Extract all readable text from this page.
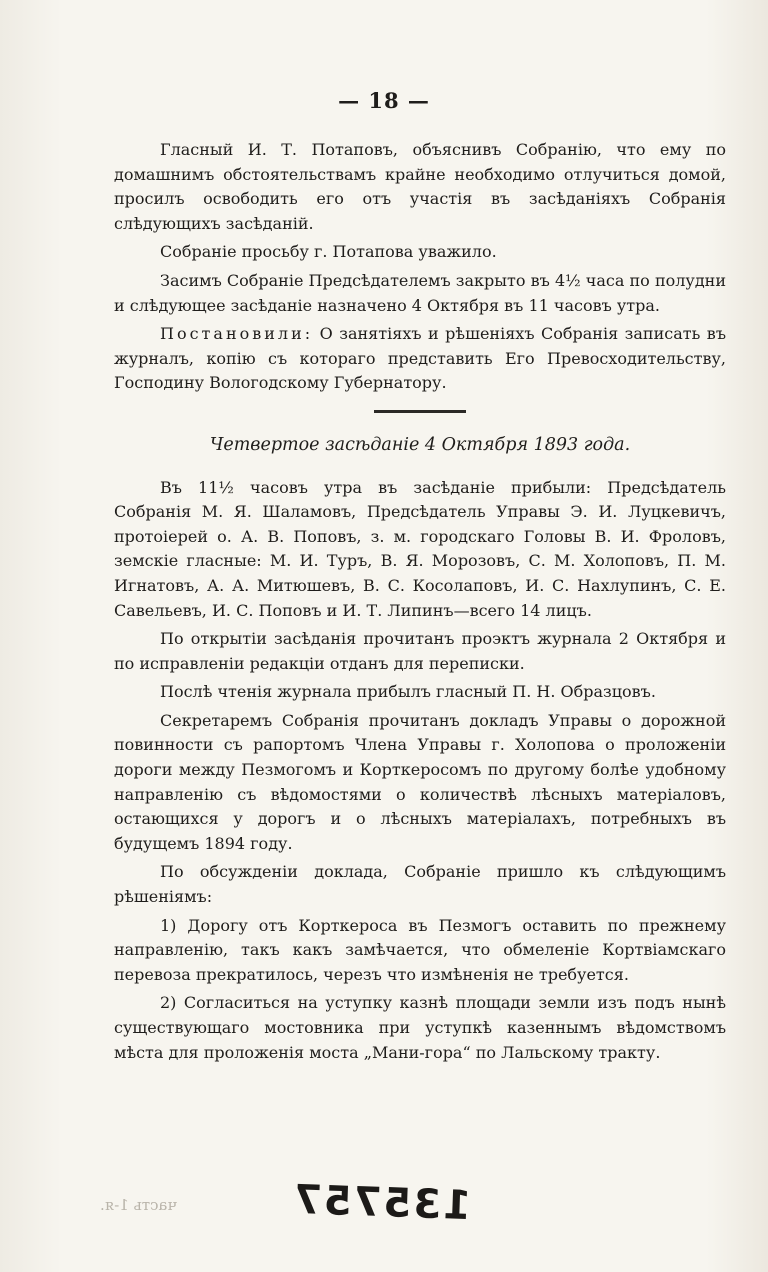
— 18 —

Гласный И. Т. Потаповъ, объяснивъ Собранію, что ему по домашнимъ обстоятельствамъ крайне необходимо отлучиться домой, просилъ освободить его отъ участія въ засѣданіяхъ Собранія слѣдующихъ засѣданій.

Собраніе просьбу г. Потапова уважило.

Засимъ Собраніе Предсѣдателемъ закрыто въ 4½ часа по полудни и слѣдующее засѣданіе назначено 4 Октября въ 11 часовъ утра.

Постановили: О занятіяхъ и рѣшеніяхъ Собранія записать въ журналъ, копію съ котораго представить Его Превосходительству, Господину Вологодскому Губернатору.

Четвертое засѣданіе 4 Октября 1893 года.

Въ 11½ часовъ утра въ засѣданіе прибыли: Предсѣдатель Собранія М. Я. Шаламовъ, Предсѣдатель Управы Э. И. Луцкевичъ, протоіерей о. А. В. Поповъ, з. м. городскаго Головы В. И. Фроловъ, земскіе гласные: М. И. Туръ, В. Я. Морозовъ, С. М. Холоповъ, П. М. Игнатовъ, А. А. Митюшевъ, В. С. Косолаповъ, И. С. Нахлупинъ, С. Е. Савельевъ, И. С. Поповъ и И. Т. Липинъ—всего 14 лицъ.

По открытіи засѣданія прочитанъ проэктъ журнала 2 Октября и по исправленіи редакціи отданъ для переписки.

Послѣ чтенія журнала прибылъ гласный П. Н. Образцовъ.

Секретаремъ Собранія прочитанъ докладъ Управы о дорожной повинности съ рапортомъ Члена Управы г. Холопова о проложеніи дороги между Пезмогомъ и Корткеросомъ по другому болѣе удобному направленію съ вѣдомостями о количествѣ лѣсныхъ матеріаловъ, остающихся у дорогъ и о лѣсныхъ матеріалахъ, потребныхъ въ будущемъ 1894 году.

По обсужденіи доклада, Собраніе пришло къ слѣдующимъ рѣшеніямъ:

1) Дорогу отъ Корткероса въ Пезмогъ оставить по прежнему направленію, такъ какъ замѣчается, что обмеленіе Кортвіамскаго перевоза прекратилось, черезъ что измѣненія не требуется.

2) Согласиться на уступку казнѣ площади земли изъ подъ нынѣ существующаго мостовника при уступкѣ казеннымъ вѣдомствомъ мѣста для проложенія моста „Мани-гора“ по Лальскому тракту.

часть 1-я.	135757
